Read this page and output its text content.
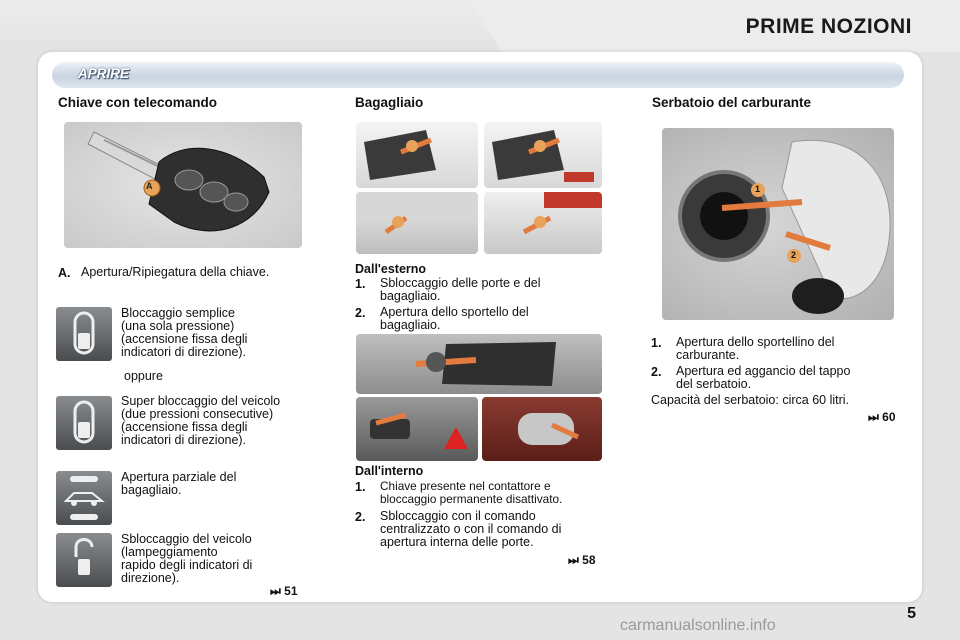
PRIME NOZIONI
APRIRE
Chiave con telecomando
A
A. Apertura/Ripiegatura della chiave.
Bloccaggio semplice
(una sola pressione)
(accensione fissa degli
indicatori di direzione).
oppure
Super bloccaggio del veicolo
(due pressioni consecutive)
(accensione fissa degli
indicatori di direzione).
Apertura parziale del
bagagliaio.
Sbloccaggio del veicolo
(lampeggiamento
rapido degli indicatori di
direzione).
⏭ 51
Bagagliaio
Dall'esterno
1. Sbloccaggio delle porte e del
bagagliaio.
2. Apertura dello sportello del
bagagliaio.
Dall'interno
1. Chiave presente nel contattore e
bloccaggio permanente disattivato.
2. Sbloccaggio con il comando
centralizzato o con il comando di
apertura interna delle porte.
⏭ 58
Serbatoio del carburante
1
2
1. Apertura dello sportellino del
carburante.
2. Apertura ed aggancio del tappo
del serbatoio.
Capacità del serbatoio: circa 60 litri.
⏭ 60
5
carmanualsonline.info
